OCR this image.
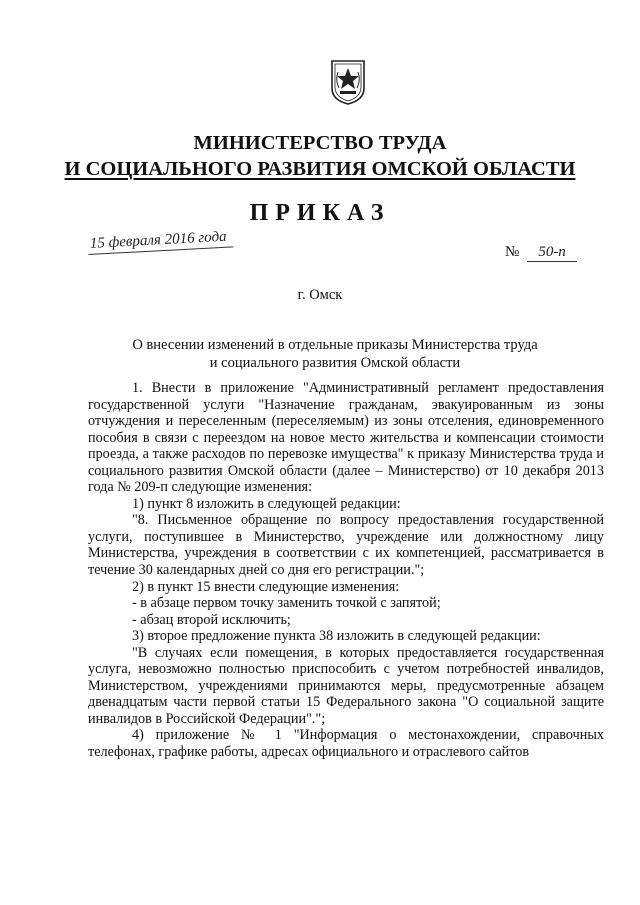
МИНИСТЕРСТВО ТРУДА
И СОЦИАЛЬНОГО РАЗВИТИЯ ОМСКОЙ ОБЛАСТИ
ПРИКАЗ
15 февраля 2016 года
№ 50-п
г. Омск
О внесении изменений в отдельные приказы Министерства труда
и социального развития Омской области

1. Внести в приложение "Административный регламент предоставления государственной услуги "Назначение гражданам, эвакуированным из зоны отчуждения и переселенным (переселяемым) из зоны отселения, единовременного пособия в связи с переездом на новое место жительства и компенсации стоимости проезда, а также расходов по перевозке имущества" к приказу Министерства труда и социального развития Омской области (далее – Министерство) от 10 декабря 2013 года № 209-п следующие изменения:

1) пункт 8 изложить в следующей редакции:

"8. Письменное обращение по вопросу предоставления государственной услуги, поступившее в Министерство, учреждение или должностному лицу Министерства, учреждения в соответствии с их компетенцией, рассматривается в течение 30 календарных дней со дня его регистрации.";

2) в пункт 15 внести следующие изменения:

- в абзаце первом точку заменить точкой с запятой;

- абзац второй исключить;

3) второе предложение пункта 38 изложить в следующей редакции:

"В случаях если помещения, в которых предоставляется государственная услуга, невозможно полностью приспособить с учетом потребностей инвалидов, Министерством, учреждениями принимаются меры, предусмотренные абзацем двенадцатым части первой статьи 15 Федерального закона "О социальной защите инвалидов в Российской Федерации".";

4) приложение № 1 "Информация о местонахождении, справочных телефонах, графике работы, адресах официального и отраслевого сайтов
